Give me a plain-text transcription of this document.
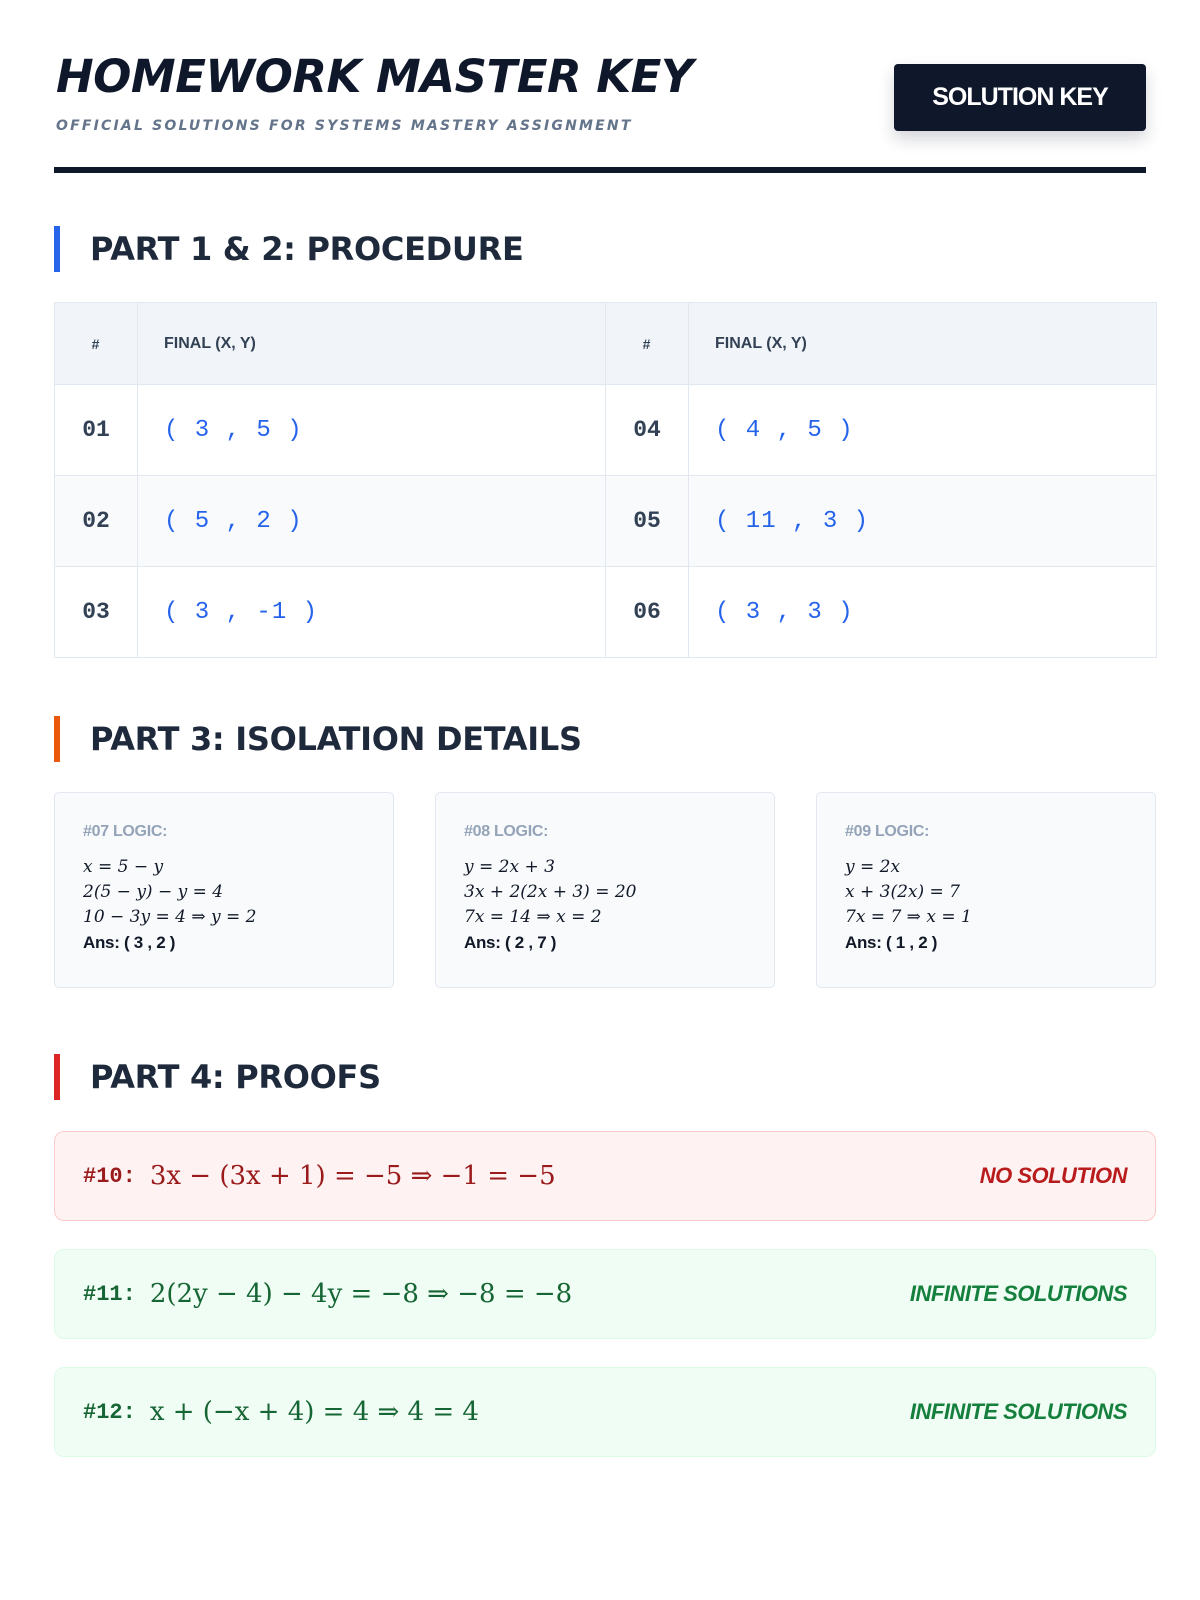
HOMEWORK MASTER KEY

OFFICIAL SOLUTIONS FOR SYSTEMS MASTERY ASSIGNMENT

SOLUTION KEY
PART 1 & 2: PROCEDURE
#	FINAL (X, Y)	#	FINAL (X, Y)
01	( 3 , 5 )	04	( 4 , 5 )
02	( 5 , 2 )	05	( 11 , 3 )
03	( 3 , -1 )	06	( 3 , 3 )
PART 3: ISOLATION DETAILS
#07 LOGIC:
x = 5 − y
2(5 − y) − y = 4
10 − 3y = 4 ⇒ y = 2
Ans: ( 3 , 2 )
#08 LOGIC:
y = 2x + 3
3x + 2(2x + 3) = 20
7x = 14 ⇒ x = 2
Ans: ( 2 , 7 )
#09 LOGIC:
y = 2x
x + 3(2x) = 7
7x = 7 ⇒ x = 1
Ans: ( 1 , 2 )
PART 4: PROOFS
#10: 3x − (3x + 1) = −5 ⇒ −1 = −5	NO SOLUTION
#11: 2(2y − 4) − 4y = −8 ⇒ −8 = −8	INFINITE SOLUTIONS
#12: x + (−x + 4) = 4 ⇒ 4 = 4	INFINITE SOLUTIONS
